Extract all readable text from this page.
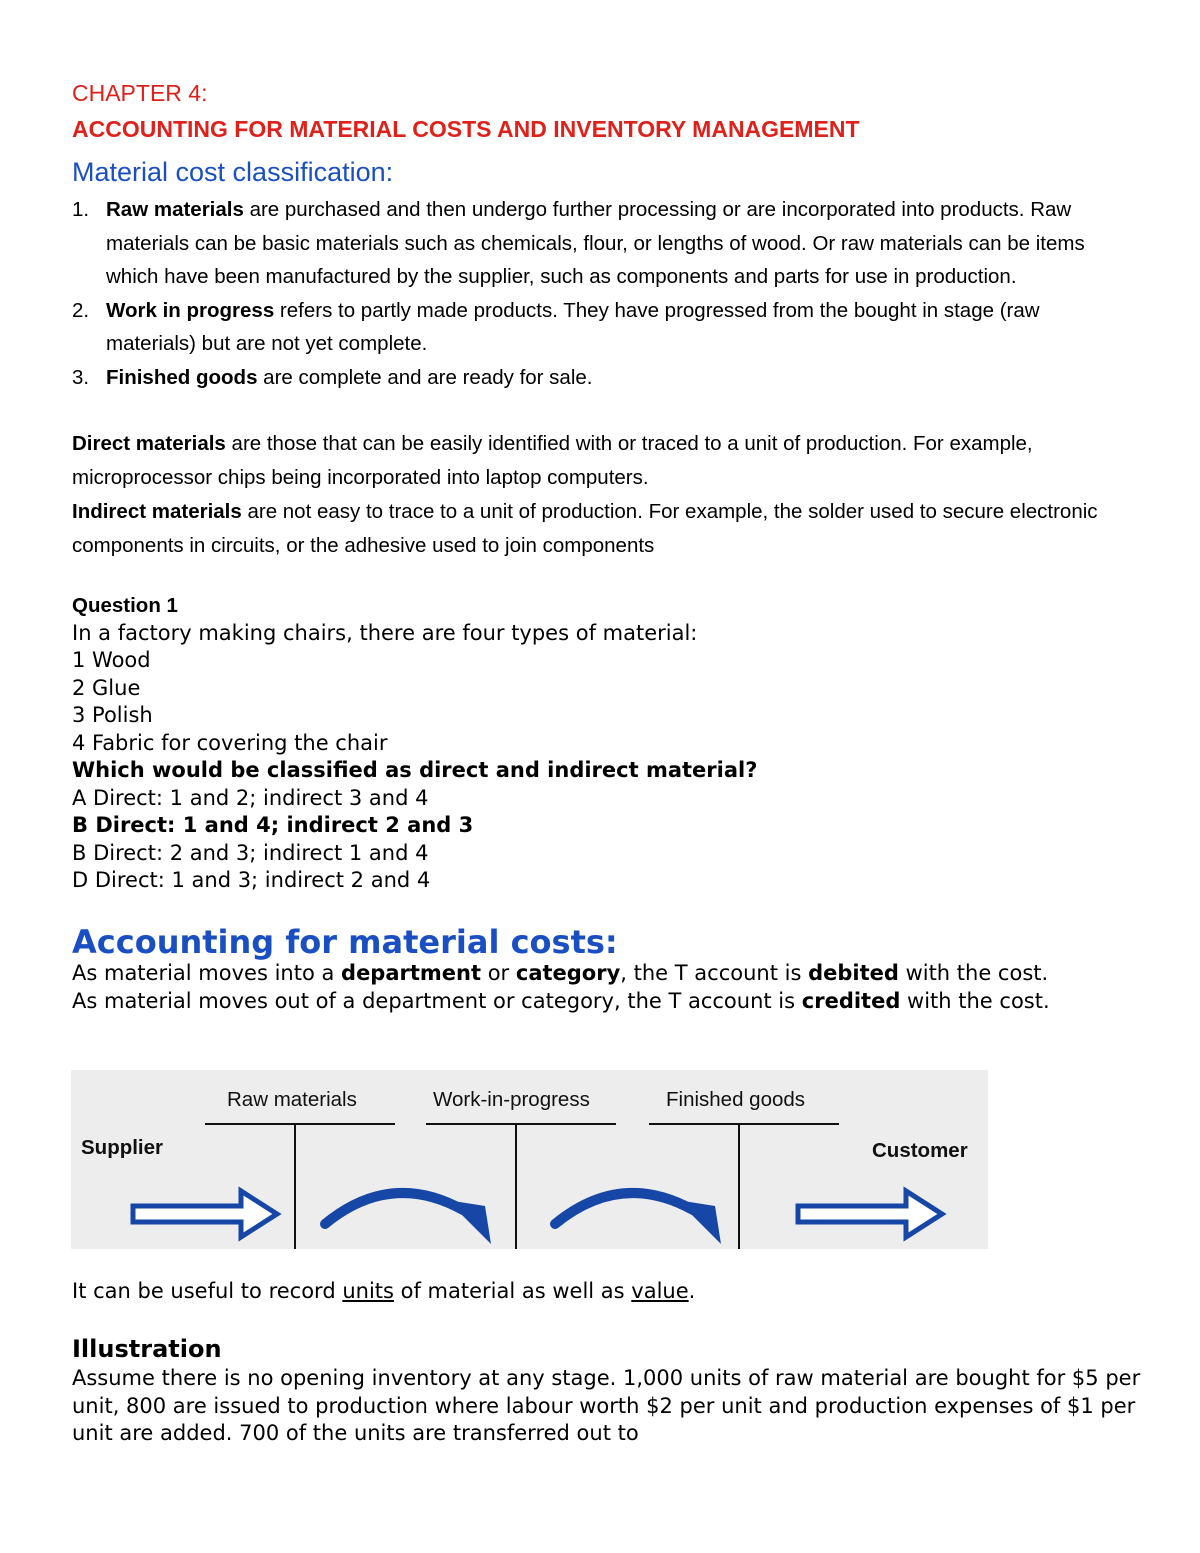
CHAPTER 4:
ACCOUNTING FOR MATERIAL COSTS AND INVENTORY MANAGEMENT
Material cost classification:
1. Raw materials are purchased and then undergo further processing or are incorporated into products. Raw materials can be basic materials such as chemicals, flour, or lengths of wood. Or raw materials can be items which have been manufactured by the supplier, such as components and parts for use in production.
2. Work in progress refers to partly made products. They have progressed from the bought in stage (raw materials) but are not yet complete.
3. Finished goods are complete and are ready for sale.
Direct materials are those that can be easily identified with or traced to a unit of production. For example, microprocessor chips being incorporated into laptop computers.
Indirect materials are not easy to trace to a unit of production. For example, the solder used to secure electronic components in circuits, or the adhesive used to join components
Question 1
In a factory making chairs, there are four types of material:
1 Wood
2 Glue
3 Polish
4 Fabric for covering the chair
Which would be classified as direct and indirect material?
A Direct: 1 and 2; indirect 3 and 4
B Direct: 1 and 4; indirect 2 and 3
B Direct: 2 and 3; indirect 1 and 4
D Direct: 1 and 3; indirect 2 and 4
Accounting for material costs:
As material moves into a department or category, the T account is debited with the cost.
As material moves out of a department or category, the T account is credited with the cost.
Raw materials	Work-in-progress	Finished goods
Supplier	Customer
It can be useful to record units of material as well as value.
Illustration
Assume there is no opening inventory at any stage. 1,000 units of raw material are bought for $5 per unit, 800 are issued to production where labour worth $2 per unit and production expenses of $1 per unit are added. 700 of the units are transferred out to
